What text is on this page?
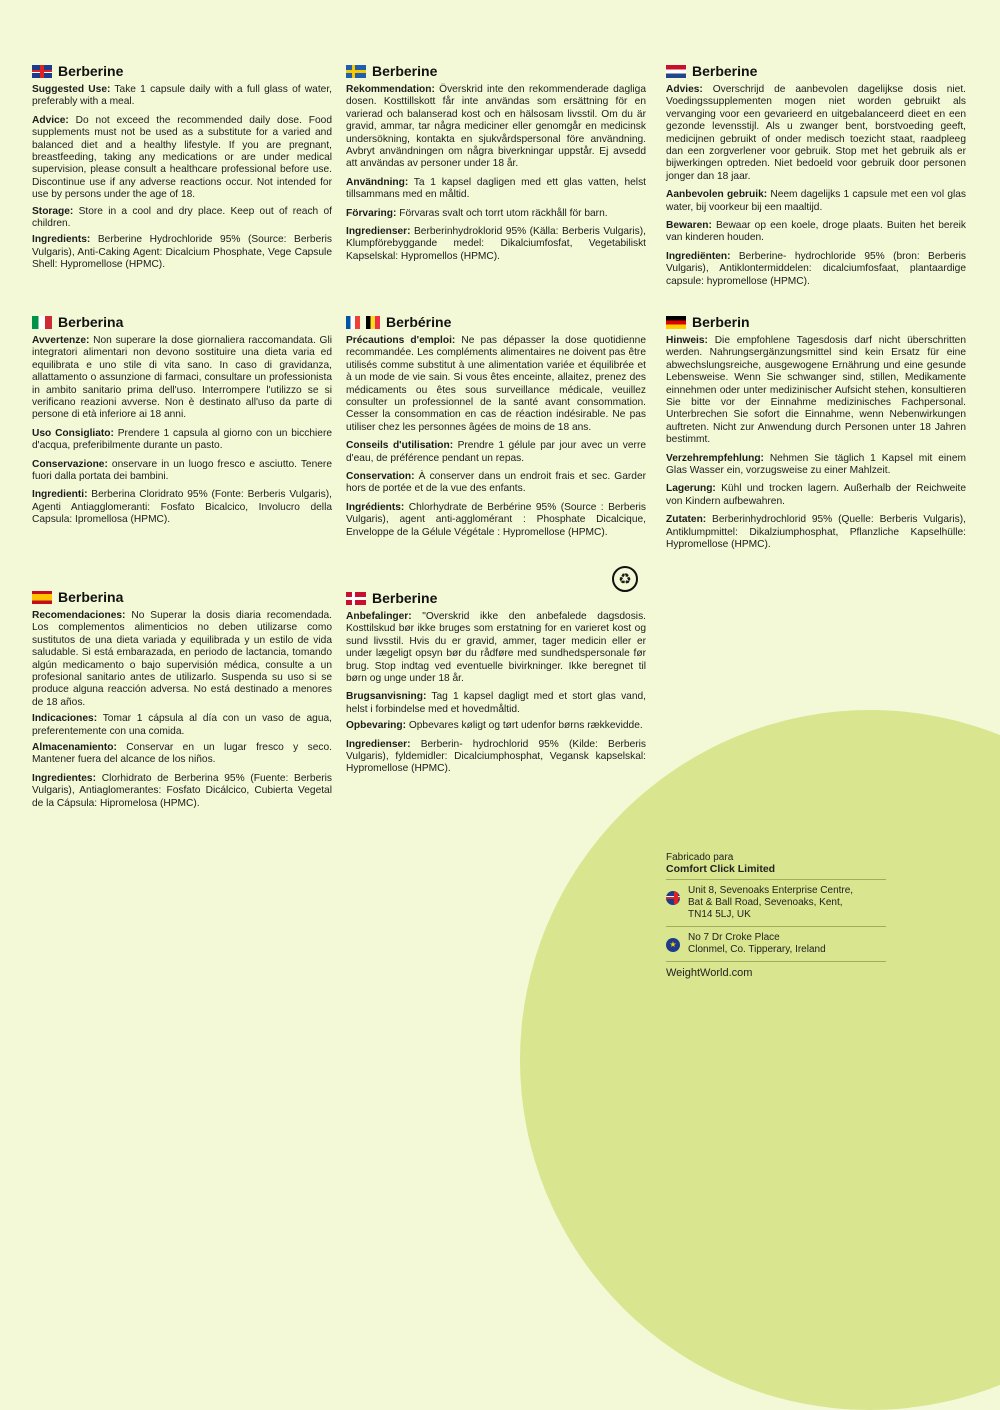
Berberine

Suggested Use: Take 1 capsule daily with a full glass of water, preferably with a meal.

Advice: Do not exceed the recommended daily dose. Food supplements must not be used as a substitute for a varied and balanced diet and a healthy lifestyle. If you are pregnant, breastfeeding, taking any medications or are under medical supervision, please consult a healthcare professional before use. Discontinue use if any adverse reactions occur. Not intended for use by persons under the age of 18.

Storage: Store in a cool and dry place. Keep out of reach of children.

Ingredients: Berberine Hydrochloride 95% (Source: Berberis Vulgaris), Anti-Caking Agent: Dicalcium Phosphate, Vege Capsule Shell: Hypromellose (HPMC).

Berberine

Rekommendation: Överskrid inte den rekommenderade dagliga dosen. Kosttillskott får inte användas som ersättning för en varierad och balanserad kost och en hälsosam livsstil. Om du är gravid, ammar, tar några mediciner eller genomgår en medicinsk undersökning, kontakta en sjukvårdspersonal före användning. Avbryt användningen om några biverkningar uppstår. Ej avsedd att användas av personer under 18 år.

Användning: Ta 1 kapsel dagligen med ett glas vatten, helst tillsammans med en måltid.

Förvaring: Förvaras svalt och torrt utom räckhåll för barn.

Ingredienser: Berberinhydroklorid 95% (Källa: Berberis Vulgaris), Klumpförebyggande medel: Dikalciumfosfat, Vegetabiliskt Kapselskal: Hypromellos (HPMC).

Berberine

Advies: Overschrijd de aanbevolen dagelijkse dosis niet. Voedingssupplementen mogen niet worden gebruikt als vervanging voor een gevarieerd en uitgebalanceerd dieet en een gezonde levensstijl. Als u zwanger bent, borstvoeding geeft, medicijnen gebruikt of onder medisch toezicht staat, raadpleeg dan een zorgverlener voor gebruik. Stop met het gebruik als er bijwerkingen optreden. Niet bedoeld voor gebruik door personen jonger dan 18 jaar.

Aanbevolen gebruik: Neem dagelijks 1 capsule met een vol glas water, bij voorkeur bij een maaltijd.

Bewaren: Bewaar op een koele, droge plaats. Buiten het bereik van kinderen houden.

Ingrediënten: Berberine- hydrochloride 95% (bron: Berberis Vulgaris), Antiklontermiddelen: dicalciumfosfaat, plantaardige capsule: hypromellose (HPMC).

Berberina

Avvertenze: Non superare la dose giornaliera raccomandata. Gli integratori alimentari non devono sostituire una dieta varia ed equilibrata e uno stile di vita sano. In caso di gravidanza, allattamento o assunzione di farmaci, consultare un professionista in ambito sanitario prima dell'uso. Interrompere l'utilizzo se si verificano reazioni avverse. Non è destinato all'uso da parte di persone di età inferiore ai 18 anni.

Uso Consigliato: Prendere 1 capsula al giorno con un bicchiere d'acqua, preferibilmente durante un pasto.

Conservazione: onservare in un luogo fresco e asciutto. Tenere fuori dalla portata dei bambini.

Ingredienti: Berberina Cloridrato 95% (Fonte: Berberis Vulgaris), Agenti Antiagglomeranti: Fosfato Bicalcico, Involucro della Capsula: Ipromellosa (HPMC).

Berbérine

Précautions d'emploi: Ne pas dépasser la dose quotidienne recommandée. Les compléments alimentaires ne doivent pas être utilisés comme substitut à une alimentation variée et équilibrée et à un mode de vie sain. Si vous êtes enceinte, allaitez, prenez des médicaments ou êtes sous surveillance médicale, veuillez consulter un professionnel de la santé avant consommation. Cesser la consommation en cas de réaction indésirable. Ne pas utiliser chez les personnes âgées de moins de 18 ans.

Conseils d'utilisation: Prendre 1 gélule par jour avec un verre d'eau, de préférence pendant un repas.

Conservation: À conserver dans un endroit frais et sec. Garder hors de portée et de la vue des enfants.

Ingrédients: Chlorhydrate de Berbérine 95% (Source : Berberis Vulgaris), agent anti-agglomérant : Phosphate Dicalcique, Enveloppe de la Gélule Végétale : Hypromellose (HPMC).

Berberin

Hinweis: Die empfohlene Tagesdosis darf nicht überschritten werden. Nahrungsergänzungsmittel sind kein Ersatz für eine abwechslungsreiche, ausgewogene Ernährung und eine gesunde Lebensweise. Wenn Sie schwanger sind, stillen, Medikamente einnehmen oder unter medizinischer Aufsicht stehen, konsultieren Sie bitte vor der Einnahme medizinisches Fachpersonal. Unterbrechen Sie sofort die Einnahme, wenn Nebenwirkungen auftreten. Nicht zur Anwendung durch Personen unter 18 Jahren bestimmt.

Verzehrempfehlung: Nehmen Sie täglich 1 Kapsel mit einem Glas Wasser ein, vorzugsweise zu einer Mahlzeit.

Lagerung: Kühl und trocken lagern. Außerhalb der Reichweite von Kindern aufbewahren.

Zutaten: Berberinhydrochlorid 95% (Quelle: Berberis Vulgaris), Antiklumpmittel: Dikalziumphosphat, Pflanzliche Kapselhülle: Hypromellose (HPMC).

Berberina

Recomendaciones: No Superar la dosis diaria recomendada. Los complementos alimenticios no deben utilizarse como sustitutos de una dieta variada y equilibrada y un estilo de vida saludable. Si está embarazada, en periodo de lactancia, tomando algún medicamento o bajo supervisión médica, consulte a un profesional sanitario antes de utilizarlo. Suspenda su uso si se produce alguna reacción adversa. No está destinado a menores de 18 años.

Indicaciones: Tomar 1 cápsula al día con un vaso de agua, preferentemente con una comida.

Almacenamiento: Conservar en un lugar fresco y seco. Mantener fuera del alcance de los niños.

Ingredientes: Clorhidrato de Berberina 95% (Fuente: Berberis Vulgaris), Antiaglomerantes: Fosfato Dicálcico, Cubierta Vegetal de la Cápsula: Hipromelosa (HPMC).

Berberine

Anbefalinger: "Overskrid ikke den anbefalede dagsdosis. Kosttilskud bør ikke bruges som erstatning for en varieret kost og sund livsstil. Hvis du er gravid, ammer, tager medicin eller er under lægeligt opsyn bør du rådføre med sundhedspersonale før brug. Stop indtag ved eventuelle bivirkninger. Ikke beregnet til børn og unge under 18 år.

Brugsanvisning: Tag 1 kapsel dagligt med et stort glas vand, helst i forbindelse med et hovedmåltid.

Opbevaring: Opbevares køligt og tørt udenfor børns rækkevidde.

Ingredienser: Berberin- hydrochlorid 95% (Kilde: Berberis Vulgaris), fyldemidler: Dicalciumphosphat, Vegansk kapselskal: Hypromellose (HPMC).

♻
Fabricado para
Comfort Click Limited
Unit 8, Sevenoaks Enterprise Centre,
Bat & Ball Road, Sevenoaks, Kent,
TN14 5LJ, UK
★
No 7 Dr Croke Place
Clonmel, Co. Tipperary, Ireland
WeightWorld.com
